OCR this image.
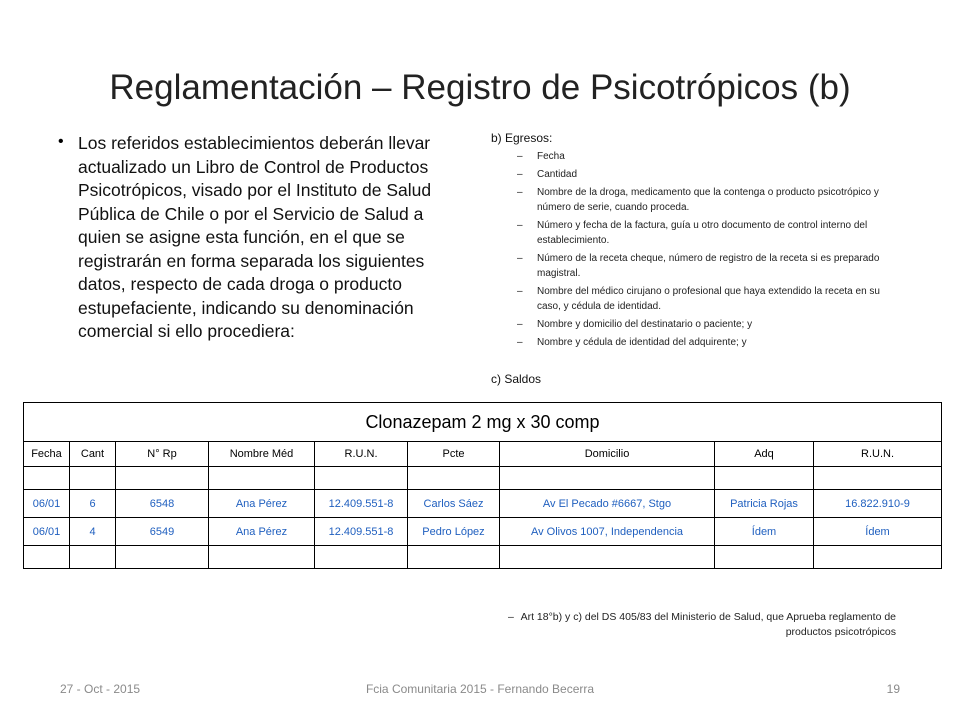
Reglamentación – Registro de Psicotrópicos (b)
• Los referidos establecimientos deberán llevar actualizado un Libro de Control de Productos Psicotrópicos, visado por el Instituto de Salud Pública de Chile o por el Servicio de Salud a quien se asigne esta función, en el que se registrarán en forma separada los siguientes datos, respecto de cada droga o producto estupefaciente, indicando su denominación comercial si ello procediera:
b) Egresos:
– Fecha
– Cantidad
– Nombre de la droga, medicamento que la contenga o producto psicotrópico y número de serie, cuando proceda.
– Número y fecha de la factura, guía u otro documento de control interno del establecimiento.
– Número de la receta cheque, número de registro de la receta si es preparado magistral.
– Nombre del médico cirujano o profesional que haya extendido la receta en su caso, y cédula de identidad.
– Nombre y domicilio del destinatario o paciente; y
– Nombre y cédula de identidad del adquirente; y
c) Saldos
Clonazepam 2 mg x 30 comp								
Fecha	Cant	N° Rp	Nombre Méd	R.U.N.	Pcte	Domicilio	Adq	R.U.N.

06/01	6	6548	Ana Pérez	12.409.551-8	Carlos Sáez	Av El Pecado #6667, Stgo	Patricia Rojas	16.822.910-9
06/01	4	6549	Ana Pérez	12.409.551-8	Pedro López	Av Olivos 1007, Independencia	Ídem	Ídem

– Art 18°b) y c) del DS 405/83 del Ministerio de Salud, que Aprueba reglamento de productos psicotrópicos
27 - Oct - 2015	Fcia Comunitaria 2015 - Fernando Becerra	19
